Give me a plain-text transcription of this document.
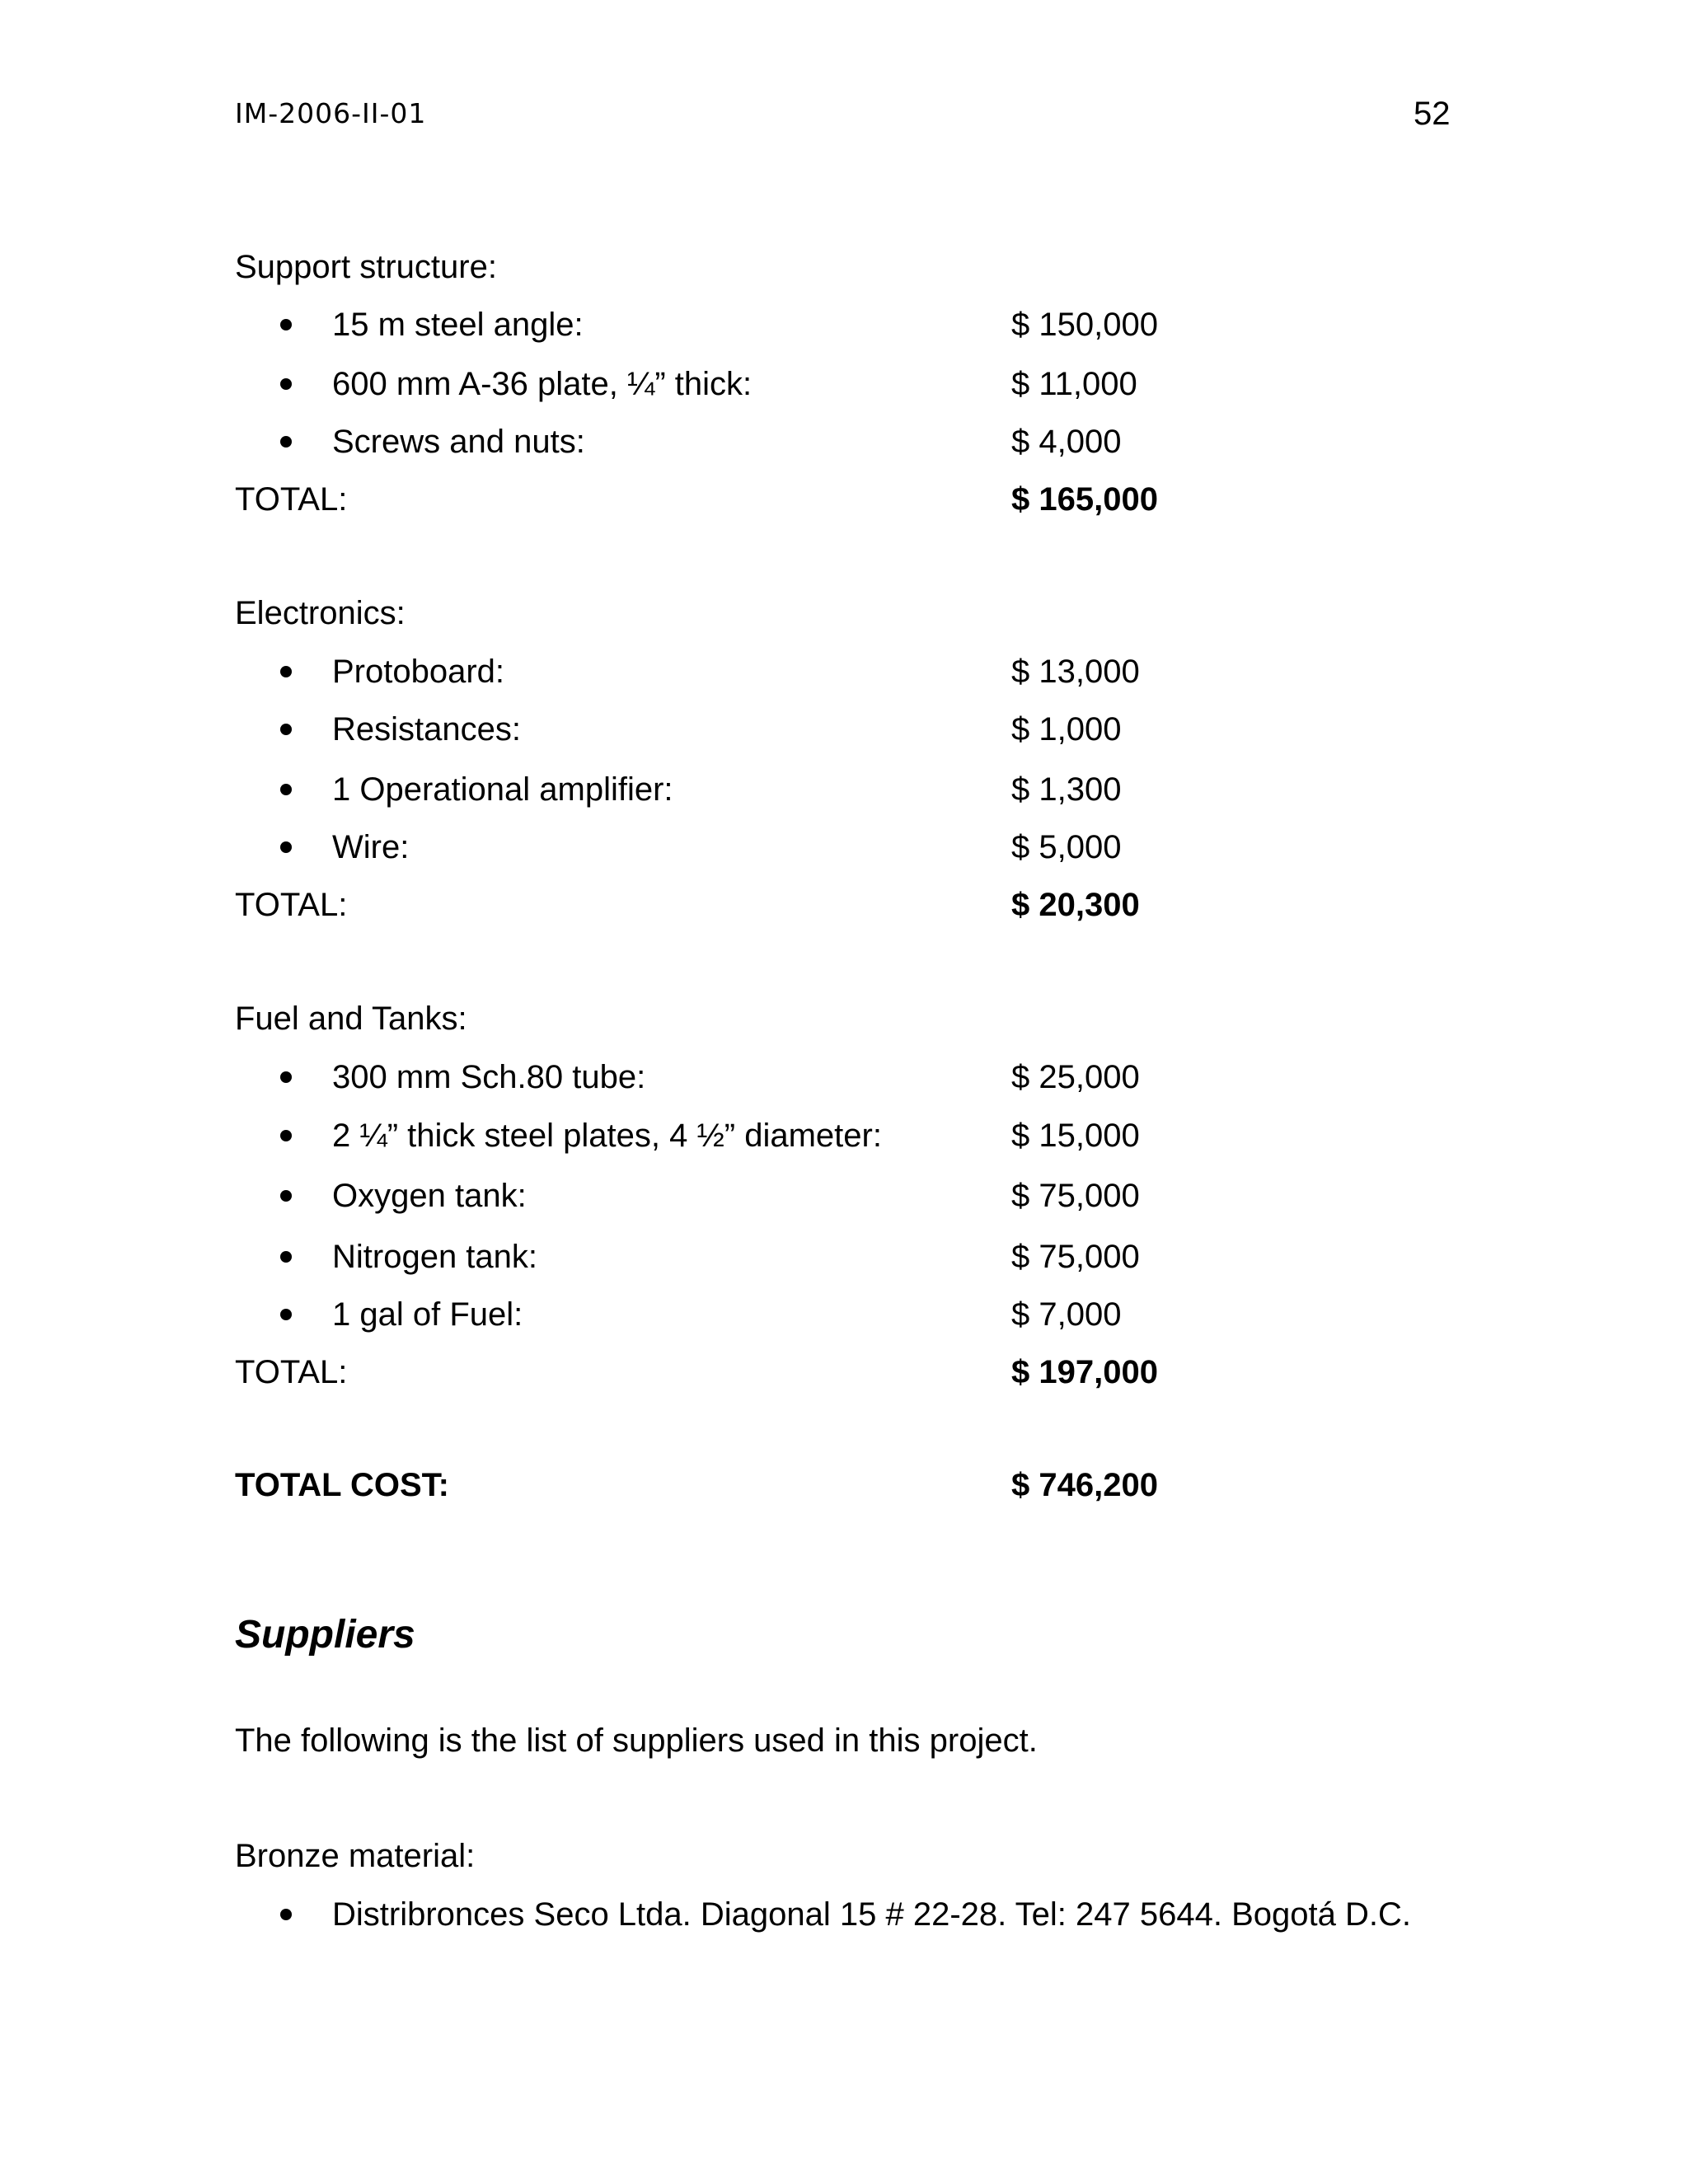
IM-2006-II-01	52
Support structure:
15 m steel angle:	$ 150,000
600 mm A-36 plate, ¼” thick:	$ 11,000
Screws and nuts:	$ 4,000
TOTAL:	$ 165,000
Electronics:
Protoboard:	$ 13,000
Resistances:	$ 1,000
1 Operational amplifier:	$ 1,300
Wire:	$ 5,000
TOTAL:	$ 20,300
Fuel and Tanks:
300 mm Sch.80 tube:	$ 25,000
2 ¼” thick steel plates, 4 ½” diameter:	$ 15,000
Oxygen tank:	$ 75,000
Nitrogen tank:	$ 75,000
1 gal of Fuel:	$ 7,000
TOTAL:	$ 197,000
TOTAL COST:	$ 746,200
Suppliers
The following is the list of suppliers used in this project.
Bronze material:
Distribronces Seco Ltda. Diagonal 15 # 22-28. Tel: 247 5644. Bogotá D.C.
